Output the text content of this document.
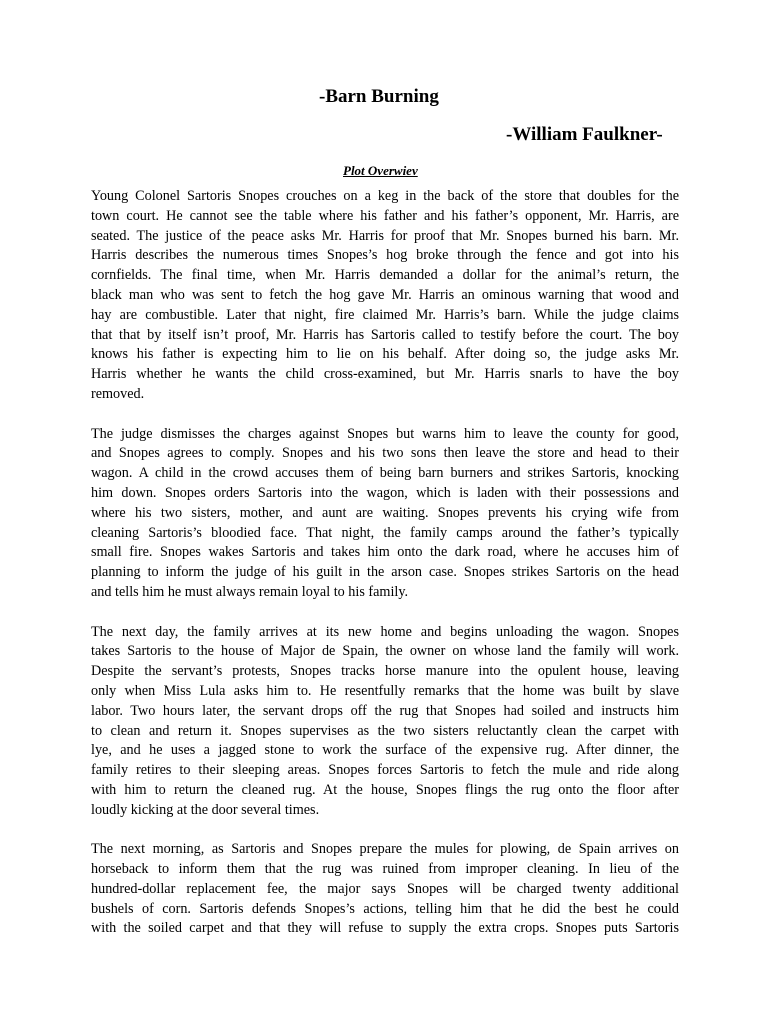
-Barn Burning
-William Faulkner-
Plot Overwiev
Young Colonel Sartoris Snopes crouches on a keg in the back of the store that doubles for the
town court. He cannot see the table where his father and his father’s opponent, Mr. Harris, are
seated. The justice of the peace asks Mr. Harris for proof that Mr. Snopes burned his barn. Mr.
Harris describes the numerous times Snopes’s hog broke through the fence and got into his
cornfields. The final time, when Mr. Harris demanded a dollar for the animal’s return, the
black man who was sent to fetch the hog gave Mr. Harris an ominous warning that wood and
hay are combustible. Later that night, fire claimed Mr. Harris’s barn. While the judge claims
that that by itself isn’t proof, Mr. Harris has Sartoris called to testify before the court. The boy
knows his father is expecting him to lie on his behalf. After doing so, the judge asks Mr.
Harris whether he wants the child cross-examined, but Mr. Harris snarls to have the boy
removed.
The judge dismisses the charges against Snopes but warns him to leave the county for good,
and Snopes agrees to comply. Snopes and his two sons then leave the store and head to their
wagon. A child in the crowd accuses them of being barn burners and strikes Sartoris, knocking
him down. Snopes orders Sartoris into the wagon, which is laden with their possessions and
where his two sisters, mother, and aunt are waiting. Snopes prevents his crying wife from
cleaning Sartoris’s bloodied face. That night, the family camps around the father’s typically
small fire. Snopes wakes Sartoris and takes him onto the dark road, where he accuses him of
planning to inform the judge of his guilt in the arson case. Snopes strikes Sartoris on the head
and tells him he must always remain loyal to his family.
The next day, the family arrives at its new home and begins unloading the wagon. Snopes
takes Sartoris to the house of Major de Spain, the owner on whose land the family will work.
Despite the servant’s protests, Snopes tracks horse manure into the opulent house, leaving
only when Miss Lula asks him to. He resentfully remarks that the home was built by slave
labor. Two hours later, the servant drops off the rug that Snopes had soiled and instructs him
to clean and return it. Snopes supervises as the two sisters reluctantly clean the carpet with
lye, and he uses a jagged stone to work the surface of the expensive rug. After dinner, the
family retires to their sleeping areas. Snopes forces Sartoris to fetch the mule and ride along
with him to return the cleaned rug. At the house, Snopes flings the rug onto the floor after
loudly kicking at the door several times.
The next morning, as Sartoris and Snopes prepare the mules for plowing, de Spain arrives on
horseback to inform them that the rug was ruined from improper cleaning. In lieu of the
hundred-dollar replacement fee, the major says Snopes will be charged twenty additional
bushels of corn. Sartoris defends Snopes’s actions, telling him that he did the best he could
with the soiled carpet and that they will refuse to supply the extra crops. Snopes puts Sartoris
